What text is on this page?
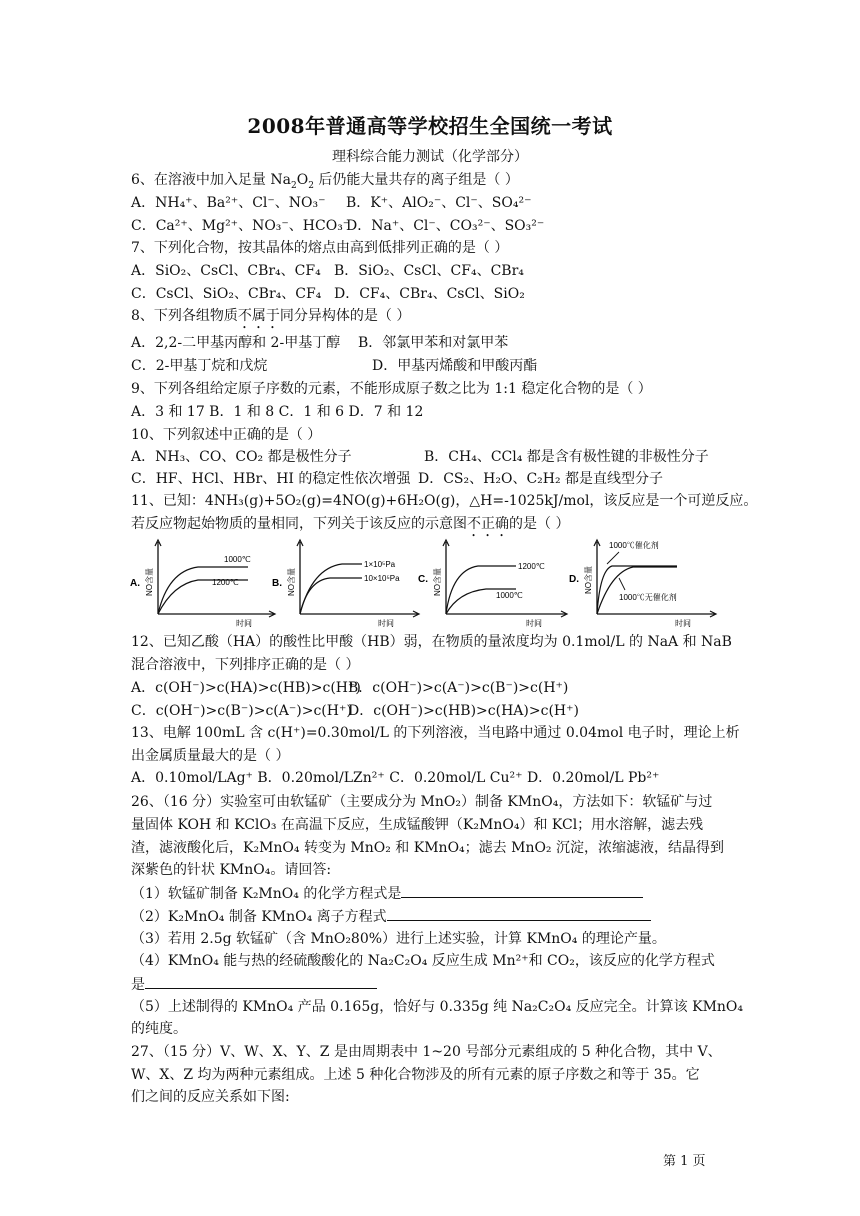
2008年普通高等学校招生全国统一考试
理科综合能力测试（化学部分）
6、在溶液中加入足量 $Na_2O_2$ 后仍能大量共存的离子组是（ ）
A．NH₄⁺、Ba²⁺、Cl⁻、NO₃⁻ B．K⁺、AlO₂⁻、Cl⁻、SO₄²⁻
C．Ca²⁺、Mg²⁺、NO₃⁻、HCO₃⁻
D．Na⁺、Cl⁻、CO₃²⁻、SO₃²⁻
7、下列化合物，按其晶体的熔点由高到低排列正确的是（ ）
A．SiO₂、CsCl、CBr₄、CF₄ B．SiO₂、CsCl、CF₄、CBr₄
C．CsCl、SiO₂、CBr₄、CF₄ D．CF₄、CBr₄、CsCl、SiO₂
8、下列各组物质不属于同分异构体的是（ ）
A．2,2-二甲基丙醇和 2-甲基丁醇 B．邻氯甲苯和对氯甲苯
C．2-甲基丁烷和戊烷	D．甲基丙烯酸和甲酸丙酯
9、下列各组给定原子序数的元素，不能形成原子数之比为 1:1 稳定化合物的是（ ）
A．3 和 17 B．1 和 8 C．1 和 6 D．7 和 12
10、下列叙述中正确的是（ ）
A．NH₃、CO、CO₂ 都是极性分子	B．CH₄、CCl₄ 都是含有极性键的非极性分子
C．HF、HCl、HBr、HI 的稳定性依次增强 D．CS₂、H₂O、C₂H₂ 都是直线型分子
11、已知：4NH₃(g)+5O₂(g)=4NO(g)+6H₂O(g)，△H=-1025kJ/mol，该反应是一个可逆反应。
若反应物起始物质的量相同，下列关于该反应的示意图不正确的是（ ）
A. NO含量
1000℃
1200℃
时间
B. NO含量
1×10⁵Pa
10×10⁵Pa
时间
C. NO含量
1200℃
1000℃
时间
D. NO含量
1000℃催化剂
1000℃无催化剂
时间
12、已知乙酸（HA）的酸性比甲酸（HB）弱，在物质的量浓度均为 0.1mol/L 的 NaA 和 NaB
混合溶液中，下列排序正确的是（ ）
A．c(OH⁻)>c(HA)>c(HB)>c(H⁺)
B．c(OH⁻)>c(A⁻)>c(B⁻)>c(H⁺)
C．c(OH⁻)>c(B⁻)>c(A⁻)>c(H⁺)
D．c(OH⁻)>c(HB)>c(HA)>c(H⁺)
13、电解 100mL 含 c(H⁺)=0.30mol/L 的下列溶液，当电路中通过 0.04mol 电子时，理论上析
出金属质量最大的是（ ）
A．0.10mol/LAg⁺ B．0.20mol/LZn²⁺ C．0.20mol/L Cu²⁺ D．0.20mol/L Pb²⁺
26、（16 分）实验室可由软锰矿（主要成分为 MnO₂）制备 KMnO₄，方法如下：软锰矿与过
量固体 KOH 和 KClO₃ 在高温下反应，生成锰酸钾（K₂MnO₄）和 KCl；用水溶解，滤去残
渣，滤液酸化后，K₂MnO₄ 转变为 MnO₂ 和 KMnO₄；滤去 MnO₂ 沉淀，浓缩滤液，结晶得到
深紫色的针状 KMnO₄。请回答:
（1）软锰矿制备 K₂MnO₄ 的化学方程式是
（2）K₂MnO₄ 制备 KMnO₄ 离子方程式
（3）若用 2.5g 软锰矿（含 MnO₂80%）进行上述实验，计算 KMnO₄ 的理论产量。
（4）KMnO₄ 能与热的经硫酸酸化的 Na₂C₂O₄ 反应生成 Mn²⁺和 CO₂，该反应的化学方程式
是
（5）上述制得的 KMnO₄ 产品 0.165g，恰好与 0.335g 纯 Na₂C₂O₄ 反应完全。计算该 KMnO₄
的纯度。
27、（15 分）V、W、X、Y、Z 是由周期表中 1~20 号部分元素组成的 5 种化合物，其中 V、
W、X、Z 均为两种元素组成。上述 5 种化合物涉及的所有元素的原子序数之和等于 35。它
们之间的反应关系如下图:
第 1 页
